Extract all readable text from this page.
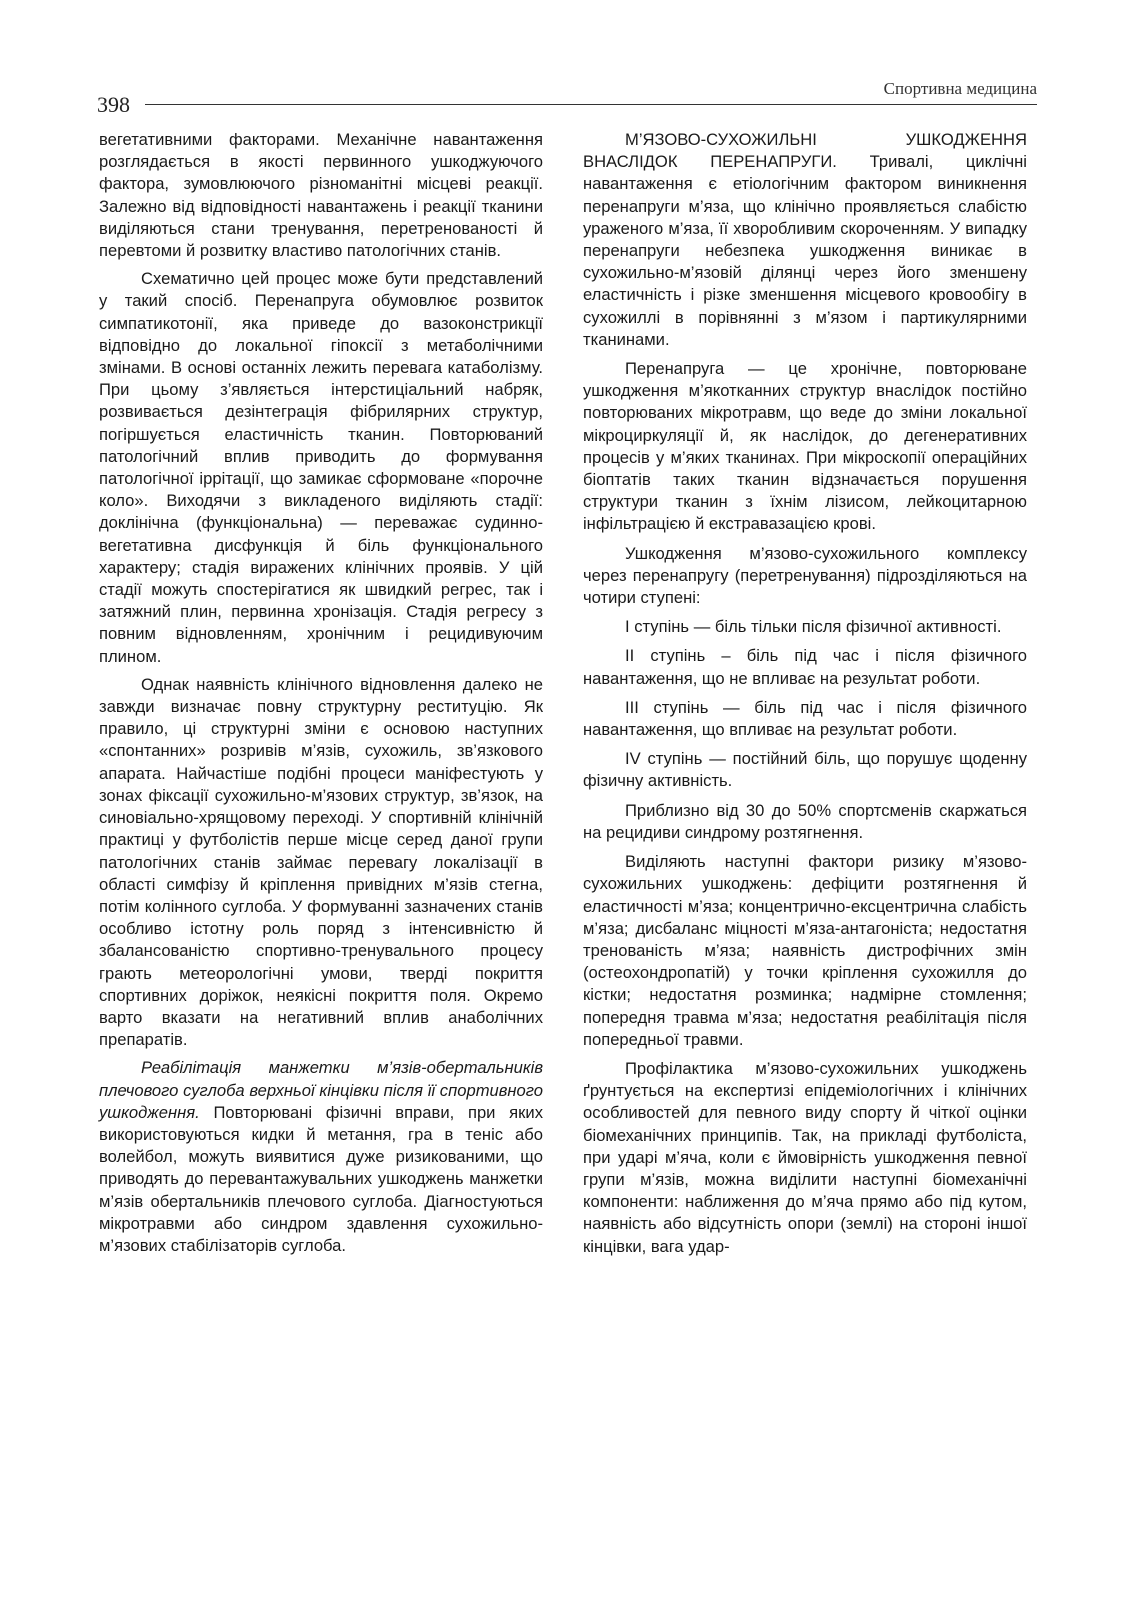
398
Спортивна медицина

вегетативними факторами. Механічне навантаження розглядається в якості первинного ушкоджуючого фактора, зумовлюючого різноманітні місцеві реакції. Залежно від відповідності навантажень і реакції тканини виділяються стани тренування, перетренованості й перевтоми й розвитку властиво патологічних станів.

Схематично цей процес може бути представлений у такий спосіб. Перенапруга обумовлює розвиток симпатикотонії, яка приведе до вазоконстрикції відповідно до локальної гіпоксії з метаболічними змінами. В основі останніх лежить перевага катаболізму. При цьому з’являється інтерстиціальний набряк, розвивається дезінтеграція фібрилярних структур, погіршується еластичність тканин. Повторюваний патологічний вплив приводить до формування патологічної іррітації, що замикає сформоване «порочне коло». Виходячи з викладеного виділяють стадії: доклінічна (функціональна) — переважає судинно-вегетативна дисфункція й біль функціонального характеру; стадія виражених клінічних проявів. У цій стадії можуть спостерігатися як швидкий регрес, так і затяжний плин, первинна хронізація. Стадія регресу з повним відновленням, хронічним і рецидивуючим плином.

Однак наявність клінічного відновлення далеко не завжди визначає повну структурну реституцію. Як правило, ці структурні зміни є основою наступних «спонтанних» розривів м’язів, сухожиль, зв’язкового апарата. Найчастіше подібні процеси маніфестують у зонах фіксації сухожильно-м’язових структур, зв’язок, на синовіально-хрящовому переході. У спортивній клінічній практиці у футболістів перше місце серед даної групи патологічних станів займає перевагу локалізації в області симфізу й кріплення привідних м’язів стегна, потім колінного суглоба. У формуванні зазначених станів особливо істотну роль поряд з інтенсивністю й збалансованістю спортивно-тренувального процесу грають метеорологічні умови, тверді покриття спортивних доріжок, неякісні покриття поля. Окремо варто вказати на негативний вплив анаболічних препаратів.

Реабілітація манжетки м’язів-обертальників плечового суглоба верхньої кінцівки після її спортивного ушкодження. Повторювані фізичні вправи, при яких використовуються кидки й метання, гра в теніс або волейбол, можуть виявитися дуже ризикованими, що приводять до перевантажувальних ушкоджень манжетки м’язів обертальників плечового суглоба. Діагностуються мікротравми або синдром здавлення сухожильно-м’язових стабілізаторів суглоба.

М’ЯЗОВО-СУХОЖИЛЬНІ УШКОДЖЕННЯ ВНАСЛІДОК ПЕРЕНАПРУГИ. Тривалі, циклічні навантаження є етіологічним фактором виникнення перенапруги м’яза, що клінічно проявляється слабістю ураженого м’яза, її хворобливим скороченням. У випадку перенапруги небезпека ушкодження виникає в сухожильно-м’язовій ділянці через його зменшену еластичність і різке зменшення місцевого кровообігу в сухожиллі в порівнянні з м’язом і партикулярними тканинами.

Перенапруга — це хронічне, повторюване ушкодження м’якотканних структур внаслідок постійно повторюваних мікротравм, що веде до зміни локальної мікроциркуляції й, як наслідок, до дегенеративних процесів у м’яких тканинах. При мікроскопії операційних біоптатів таких тканин відзначається порушення структури тканин з їхнім лізисом, лейкоцитарною інфільтрацією й екстравазацією крові.

Ушкодження м’язово-сухожильного комплексу через перенапругу (перетренування) підрозділяються на чотири ступені:

І ступінь — біль тільки після фізичної активності.

ІІ ступінь – біль під час і після фізичного навантаження, що не впливає на результат роботи.

ІІІ ступінь — біль під час і після фізичного навантаження, що впливає на результат роботи.

IV ступінь — постійний біль, що порушує щоденну фізичну активність.

Приблизно від 30 до 50% спортсменів скаржаться на рецидиви синдрому розтягнення.

Виділяють наступні фактори ризику м’язово-сухожильних ушкоджень: дефіцити розтягнення й еластичності м’яза; концентрично-ексцентрична слабість м’яза; дисбаланс міцності м’яза-антагоніста; недостатня тренованість м’яза; наявність дистрофічних змін (остеохондропатій) у точки кріплення сухожилля до кістки; недостатня розминка; надмірне стомлення; попередня травма м’яза; недостатня реабілітація після попередньої травми.

Профілактика м’язово-сухожильних ушкоджень ґрунтується на експертизі епідеміологічних і клінічних особливостей для певного виду спорту й чіткої оцінки біомеханічних принципів. Так, на прикладі футболіста, при ударі м’яча, коли є ймовірність ушкодження певної групи м’язів, можна виділити наступні біомеханічні компоненти: наближення до м’яча прямо або під кутом, наявність або відсутність опори (землі) на стороні іншої кінцівки, вага удар-
